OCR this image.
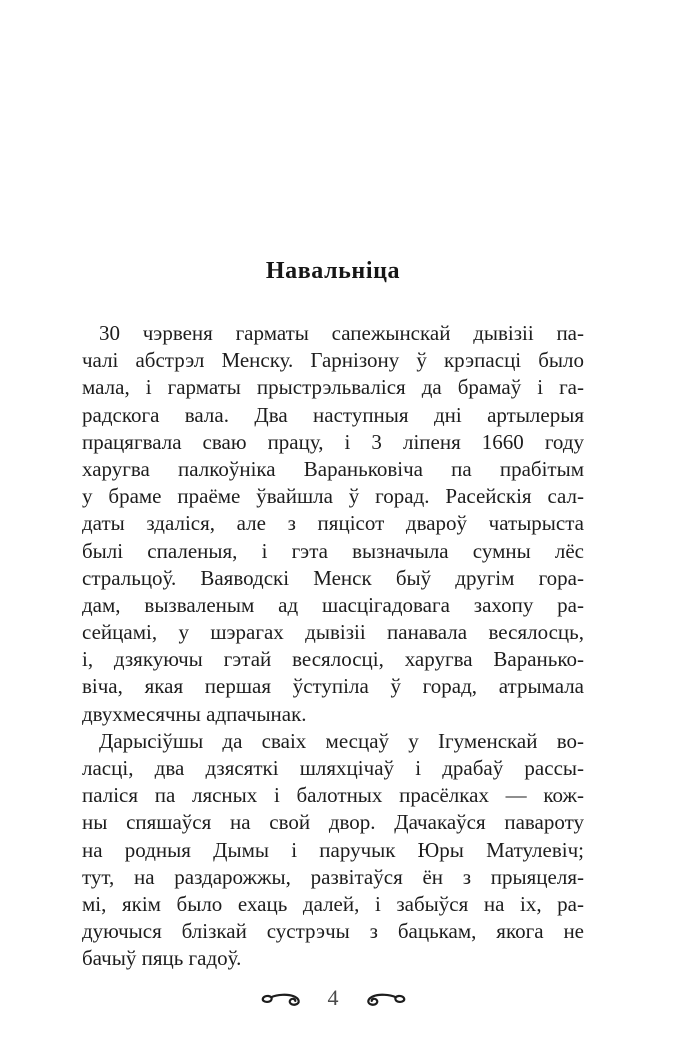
Навальніца
30 чэрвеня гарматы сапежынскай дывізіі па-
чалі абстрэл Менску. Гарнізону ў крэпасці было
мала, і гарматы прыстрэльваліся да брамаў і га-
радскога вала. Два наступныя дні артылерыя
працягвала сваю працу, і 3 ліпеня 1660 году
харугва палкоўніка Вараньковіча па прабітым
у браме праёме ўвайшла ў горад. Расейскія сал-
даты здаліся, але з пяцісот двароў чатырыста
былі спаленыя, і гэта вызначыла сумны лёс
стральцоў. Ваяводскі Менск быў другім гора-
дам, вызваленым ад шасцігадовага захопу ра-
сейцамі, у шэрагах дывізіі панавала весялосць,
і, дзякуючы гэтай весялосці, харугва Варанько-
віча, якая першая ўступіла ў горад, атрымала
двухмесячны адпачынак.
Дарысіўшы да сваіх месцаў у Ігуменскай во-
ласці, два дзясяткі шляхцічаў і драбаў рассы-
паліся па лясных і балотных прасёлках — кож-
ны спяшаўся на свой двор. Дачакаўся павароту
на родныя Дымы і паручык Юры Матулевіч;
тут, на раздарожжы, развітаўся ён з прыяцеля-
мі, якім было ехаць далей, і забыўся на іх, ра-
дуючыся блізкай сустрэчы з бацькам, якога не
бачыў пяць гадоў.
4
